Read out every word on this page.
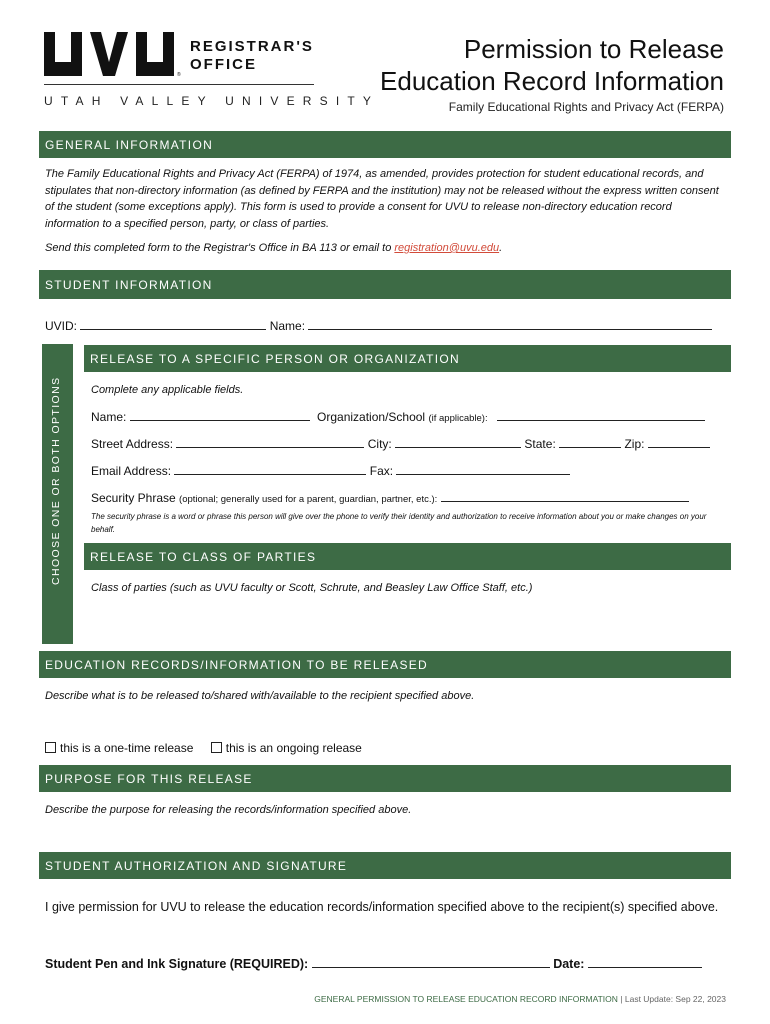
®
REGISTRAR'S
OFFICE
UTAH VALLEY UNIVERSITY
Permission to Release
Education Record Information
Family Educational Rights and Privacy Act (FERPA)
GENERAL INFORMATION
The Family Educational Rights and Privacy Act (FERPA) of 1974, as amended, provides protection for student educational records, and stipulates that non-directory information (as defined by FERPA and the institution) may not be released without the express written consent of the student (some exceptions apply). This form is used to provide a consent for UVU to release non-directory education record information to a specified person, party, or class of parties.
Send this completed form to the Registrar's Office in BA 113 or email to registration@uvu.edu.
STUDENT INFORMATION
UVID:	Name:
CHOOSE ONE OR BOTH OPTIONS
RELEASE TO A SPECIFIC PERSON OR ORGANIZATION
Complete any applicable fields.
Name:	Organization/School (if applicable):
Street Address:	City:	State:	Zip:
Email Address:	Fax:
Security Phrase (optional; generally used for a parent, guardian, partner, etc.):
The security phrase is a word or phrase this person will give over the phone to verify their identity and authorization to receive information about you or make changes on your behalf.
RELEASE TO CLASS OF PARTIES
Class of parties (such as UVU faculty or Scott, Schrute, and Beasley Law Office Staff, etc.)
EDUCATION RECORDS/INFORMATION TO BE RELEASED
Describe what is to be released to/shared with/available to the recipient specified above.
this is a one-time release	this is an ongoing release
PURPOSE FOR THIS RELEASE
Describe the purpose for releasing the records/information specified above.
STUDENT AUTHORIZATION AND SIGNATURE
I give permission for UVU to release the education records/information specified above to the recipient(s) specified above.
Student Pen and Ink Signature (REQUIRED):	Date:
GENERAL PERMISSION TO RELEASE EDUCATION RECORD INFORMATION | Last Update: Sep 22, 2023
